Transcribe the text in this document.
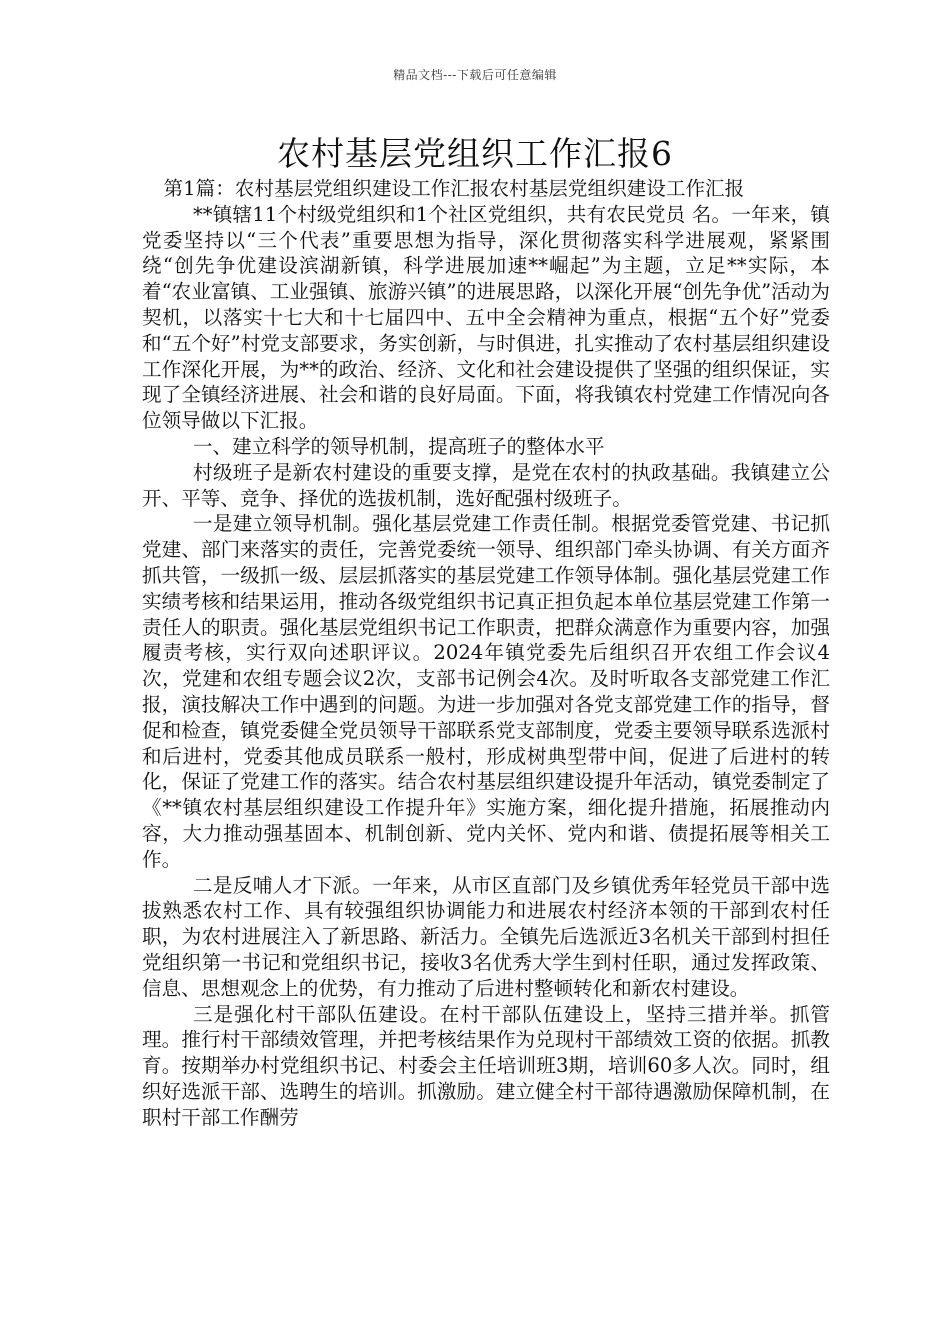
精品文档---下载后可任意编辑
农村基层党组织工作汇报6

第1篇：农村基层党组织建设工作汇报农村基层党组织建设工作汇报

**镇辖11个村级党组织和1个社区党组织，共有农民党员 名。一年来，镇党委坚持以“三个代表”重要思想为指导，深化贯彻落实科学进展观，紧紧围绕“创先争优建设滨湖新镇，科学进展加速**崛起”为主题，立足**实际，本着“农业富镇、工业强镇、旅游兴镇”的进展思路，以深化开展“创先争优”活动为契机，以落实十七大和十七届四中、五中全会精神为重点，根据“五个好”党委和“五个好”村党支部要求，务实创新，与时俱进，扎实推动了农村基层组织建设工作深化开展，为**的政治、经济、文化和社会建设提供了坚强的组织保证，实现了全镇经济进展、社会和谐的良好局面。下面，将我镇农村党建工作情况向各位领导做以下汇报。

一、建立科学的领导机制，提高班子的整体水平

村级班子是新农村建设的重要支撑，是党在农村的执政基础。我镇建立公开、平等、竞争、择优的选拔机制，选好配强村级班子。

一是建立领导机制。强化基层党建工作责任制。根据党委管党建、书记抓党建、部门来落实的责任，完善党委统一领导、组织部门牵头协调、有关方面齐抓共管，一级抓一级、层层抓落实的基层党建工作领导体制。强化基层党建工作实绩考核和结果运用，推动各级党组织书记真正担负起本单位基层党建工作第一责任人的职责。强化基层党组织书记工作职责，把群众满意作为重要内容，加强履责考核，实行双向述职评议。2024年镇党委先后组织召开农组工作会议4次，党建和农组专题会议2次，支部书记例会4次。及时听取各支部党建工作汇报，演技解决工作中遇到的问题。为进一步加强对各党支部党建工作的指导，督促和检查，镇党委健全党员领导干部联系党支部制度，党委主要领导联系选派村和后进村，党委其他成员联系一般村，形成树典型带中间，促进了后进村的转化，保证了党建工作的落实。结合农村基层组织建设提升年活动，镇党委制定了《**镇农村基层组织建设工作提升年》实施方案，细化提升措施，拓展推动内容，大力推动强基固本、机制创新、党内关怀、党内和谐、债提拓展等相关工作。

二是反哺人才下派。一年来，从市区直部门及乡镇优秀年轻党员干部中选拔熟悉农村工作、具有较强组织协调能力和进展农村经济本领的干部到农村任职，为农村进展注入了新思路、新活力。全镇先后选派近3名机关干部到村担任党组织第一书记和党组织书记，接收3名优秀大学生到村任职，通过发挥政策、信息、思想观念上的优势，有力推动了后进村整顿转化和新农村建设。

三是强化村干部队伍建设。在村干部队伍建设上，坚持三措并举。抓管理。推行村干部绩效管理，并把考核结果作为兑现村干部绩效工资的依据。抓教育。按期举办村党组织书记、村委会主任培训班3期，培训60多人次。同时，组织好选派干部、选聘生的培训。抓激励。建立健全村干部待遇激励保障机制，在职村干部工作酬劳
